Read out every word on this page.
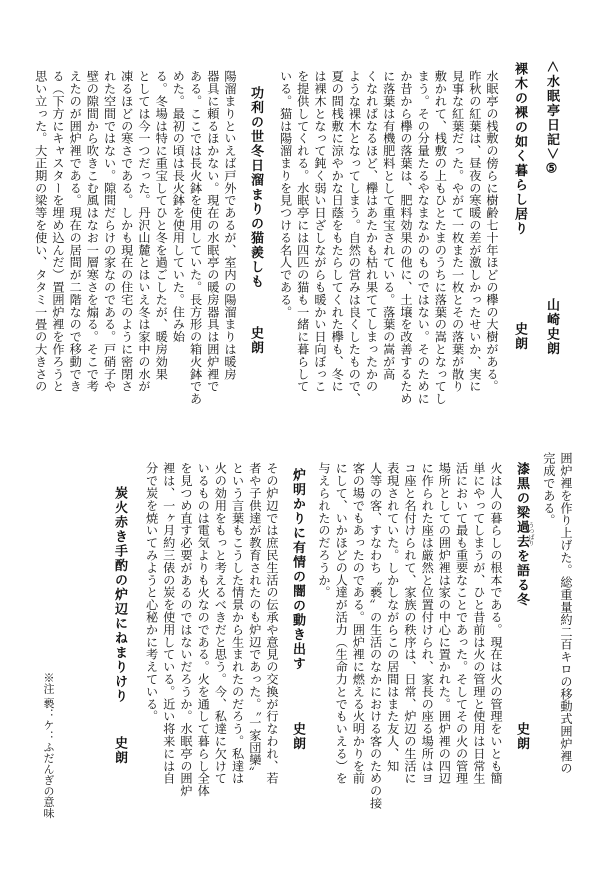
＜水眠亭日記＞⑤
山崎史朗
裸木の裸の如く暮らし居り
史朗
水眠亭の桟敷の傍らに樹齢七十年ほどの欅の大樹がある。
昨秋の紅葉は、昼夜の寒暖の差が激しかったせいか、実に
見事な紅葉だった。やがて一枚また一枚とその落葉が散り
敷かれて、桟敷の上もひとたまのうちに落葉の嵩となってし
まう。その分量たるやなまなかのものではない。そのために
か昔から欅の落葉は、肥料効果の他に、土壌を改善するため
に落葉は有機肥料として重宝されている。落葉の嵩が高
くなればなるほど、欅はあたかも枯れ果ててしまったかの
ような裸木となってしまう。自然の営みは良くしたもので、
夏の間桟敷に涼やかな日蔭をもたらしてくれた欅も、冬に
は裸木となって鈍く弱い日ざしながらも暖かい日向ぼっこ
を提供してくれる。水眠亭には四匹の猫も一緒に暮らして
いる。猫は陽溜まりを見つける名人である。
功利の世冬日溜まりの猫羨しも
史朗
陽溜まりといえば戸外であるが、室内の陽溜まりは暖房
器具に頼るほかない。現在の水眠亭の暖房器具は囲炉裡で
ある。ここでは長火鉢を使用していた。長方形の箱火鉢であ
めた。最初の頃は長火鉢を使用していた。住み始
る。冬場は特に重宝してひと冬を過ごしたが、暖房効果
としては今一つだった。丹沢山麓とはいえ冬は家中の水が
凍るほどの寒さである。しかも現在の住宅のように密閉さ
れた空間ではない。隙間だらけの家なのである。戸硝子や
壁の隙間から吹きこむ風はなお一層寒さを煽る。そこで考
えたのが囲炉裡である。現在の居間が二階なので移動でき
る（下方にキャスターを埋め込んだ）置囲炉裡を作ろうと
思い立った。大正期の梁等を使い、タタミ一畳の大きさの
囲炉裡を作り上げた。総重量約二百キロの移動式囲炉裡の
完成である。
漆黒の梁過去を語る冬
うつばり
史朗
火は人の暮らしの根本である。現在は火の管理をいとも簡
単にやってしまうが、ひと昔前は火の管理と使用は日常生
活において最も重要なことであった。そしてその火の管理
場所としての囲炉裡は家の中心に置かれた。囲炉裡の四辺
に作られた座は厳然と位置付けられ、家長の座る場所はヨ
コ座と名付けられて、家族の秩序は、日常、炉辺の生活に
表現されていた。しかしながらこの居間はまた友人、知
人等の客、すなわち〝褻〟の生活のなかにおける客のための接
客の場でもあったのである。囲炉裡に燃える火明かりを前
にして、いかほどの人達が活力（生命力とでもいえる）を
与えられたのだろうか。
炉明かりに有情の闇の動き出す
史朗
その炉辺では庶民生活の伝承や意見の交換が行なわれ、若
者や子供達が教育されたのも炉辺であった。〝一家団欒〟
という言葉もこうした情景から生まれたのだろう。私達は
火の効用をもっと考えるべきだと思う。今、私達に欠けて
いるものは電気よりも火なのである。火を通して暮らし全体
を見つめ直す必要があるのではないだろうか。水眠亭の囲炉
裡は、一ヶ月約三俵の炭を使用している。近い将来には自
分で炭を焼いてみようと心秘かに考えている。
炭火赤き手酌の炉辺にねまりけり
史朗
※注 褻：ケ：ふだんぎの意味
